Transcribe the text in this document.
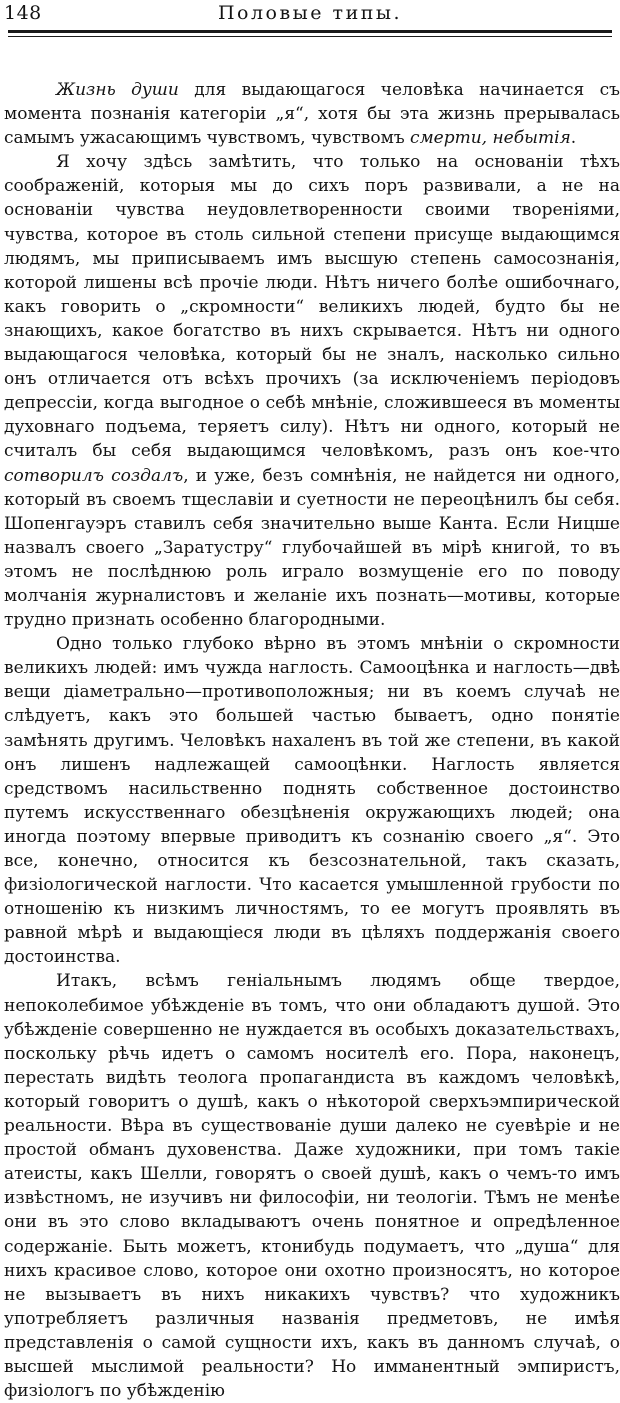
148	Половые типы.

Жизнь души для выдающагося человѣка начинается съ момента познанія категоріи „я“, хотя бы эта жизнь прерывалась самымъ ужасающимъ чувствомъ, чувствомъ смерти, небытія.

Я хочу здѣсь замѣтить, что только на основаніи тѣхъ соображеній, которыя мы до сихъ поръ развивали, а не на основаніи чувства неудовлетворенности своими твореніями, чувства, которое въ столь сильной степени присуще выдающимся людямъ, мы приписываемъ имъ высшую степень самосознанія, которой лишены всѣ прочіе люди. Нѣтъ ничего болѣе ошибочнаго, какъ говорить о „скромности“ великихъ людей, будто бы не знающихъ, какое богатство въ нихъ скрывается. Нѣтъ ни одного выдающагося человѣка, который бы не зналъ, насколько сильно онъ отличается отъ всѣхъ прочихъ (за исключеніемъ періодовъ депрессіи, когда выгодное о себѣ мнѣніе, сложившееся въ моменты духовнаго подъема, теряетъ силу). Нѣтъ ни одного, который не считалъ бы себя выдающимся человѣкомъ, разъ онъ кое-что сотворилъ создалъ, и уже, безъ сомнѣнія, не найдется ни одного, который въ своемъ тщеславіи и суетности не переоцѣнилъ бы себя. Шопенгауэръ ставилъ себя значительно выше Канта. Если Ницше назвалъ своего „Заратустру“ глубочайшей въ мірѣ книгой, то въ этомъ не послѣднюю роль играло возмущеніе его по поводу молчанія журналистовъ и желаніе ихъ познать—мотивы, которые трудно признать особенно благородными.

Одно только глубоко вѣрно въ этомъ мнѣніи о скромности великихъ людей: имъ чужда наглость. Самооцѣнка и наглость—двѣ вещи діаметрально—противоположныя; ни въ коемъ случаѣ не слѣдуетъ, какъ это большей частью бываетъ, одно понятіе замѣнять другимъ. Человѣкъ нахаленъ въ той же степени, въ какой онъ лишенъ надлежащей самооцѣнки. Наглость является средствомъ насильственно поднять собственное достоинство путемъ искусственнаго обезцѣненія окружающихъ людей; она иногда поэтому впервые приводитъ къ сознанію своего „я“. Это все, конечно, относится къ безсознательной, такъ сказать, физіологической наглости. Что касается умышленной грубости по отношенію къ низкимъ личностямъ, то ее могутъ проявлять въ равной мѣрѣ и выдающіеся люди въ цѣляхъ поддержанія своего достоинства.

Итакъ, всѣмъ геніальнымъ людямъ обще твердое, непоколебимое убѣжденіе въ томъ, что они обладаютъ душой. Это убѣжденіе совершенно не нуждается въ особыхъ доказательствахъ, поскольку рѣчь идетъ о самомъ носителѣ его. Пора, наконецъ, перестать видѣть теолога пропагандиста въ каждомъ человѣкѣ, который говоритъ о душѣ, какъ о нѣкоторой сверхъэмпирической реальности. Вѣра въ существованіе души далеко не суевѣріе и не простой обманъ духовенства. Даже художники, при томъ такіе атеисты, какъ Шелли, говорятъ о своей душѣ, какъ о чемъ-то имъ извѣстномъ, не изучивъ ни философіи, ни теологіи. Тѣмъ не менѣе они въ это слово вкладываютъ очень понятное и опредѣленное содержаніе. Быть можетъ, ктонибудь подумаетъ, что „душа“ для нихъ красивое слово, которое они охотно произносятъ, но которое не вызываетъ въ нихъ никакихъ чувствъ? что художникъ употребляетъ различныя названія предметовъ, не имѣя представленія о самой сущности ихъ, какъ въ данномъ случаѣ, о высшей мыслимой реальности? Но имманентный эмпиристъ, физіологъ по убѣжденію
